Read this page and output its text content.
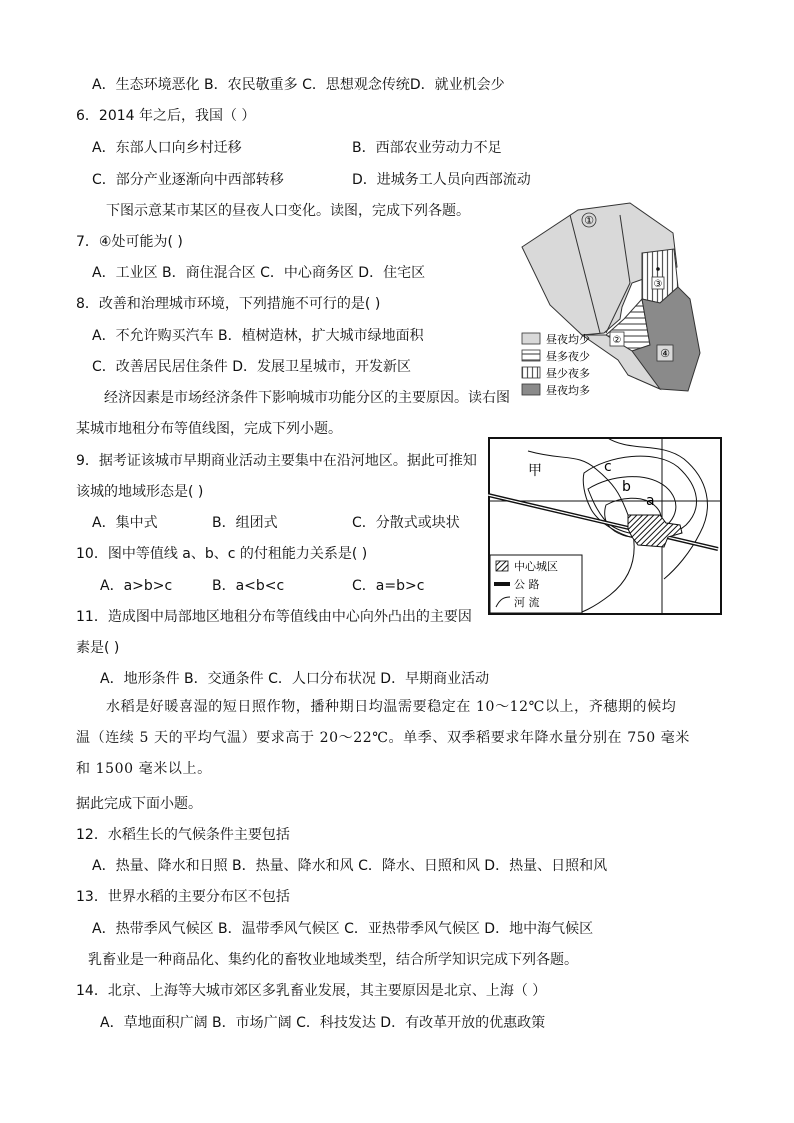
A．生态环境恶化 B．农民敬重多 C．思想观念传统D．就业机会少
6．2014 年之后，我国（ ）
A．东部人口向乡村迁移	B．西部农业劳动力不足
C．部分产业逐渐向中西部转移	D．进城务工人员向西部流动
下图示意某市某区的昼夜人口变化。读图，完成下列各题。
7．④处可能为( )
A．工业区 B．商住混合区 C．中心商务区 D．住宅区
8．改善和治理城市环境，下列措施不可行的是( )
A．不允许购买汽车 B．植树造林，扩大城市绿地面积
C．改善居民居住条件 D．发展卫星城市，开发新区
经济因素是市场经济条件下影响城市功能分区的主要原因。读右图
某城市地租分布等值线图，完成下列小题。
9．据考证该城市早期商业活动主要集中在沿河地区。据此可推知
该城的地域形态是( )
A．集中式	B．组团式	C．分散式或块状
10．图中等值线 a、b、c 的付租能力关系是( )
A．a>b>c	B．a<b<c	C．a=b>c
11．造成图中局部地区地租分布等值线由中心向外凸出的主要因
素是( )
A．地形条件 B．交通条件 C．人口分布状况 D．早期商业活动
据此完成下面小题。
12．水稻生长的气候条件主要包括
A．热量、降水和日照 B．热量、降水和风 C．降水、日照和风 D．热量、日照和风
13．世界水稻的主要分布区不包括
A．热带季风气候区 B．温带季风气候区 C．亚热带季风气候区 D．地中海气候区
乳畜业是一种商品化、集约化的畜牧业地域类型，结合所学知识完成下列各题。
14．北京、上海等大城市郊区多乳畜业发展，其主要原因是北京、上海（ ）
A．草地面积广阔 B．市场广阔 C．科技发达 D．有改革开放的优惠政策
水稻是好暖喜湿的短日照作物，播种期日均温需要稳定在 10～12℃以上，齐穗期的候均
温（连续 5 天的平均气温）要求高于 20～22℃。单季、双季稻要求年降水量分别在 750 毫米
和 1500 毫米以上。
①
③
②
④
昼夜均少
昼多夜少
昼少夜多
昼夜均多
甲	c
b
a
中心城区
公 路
河 流
